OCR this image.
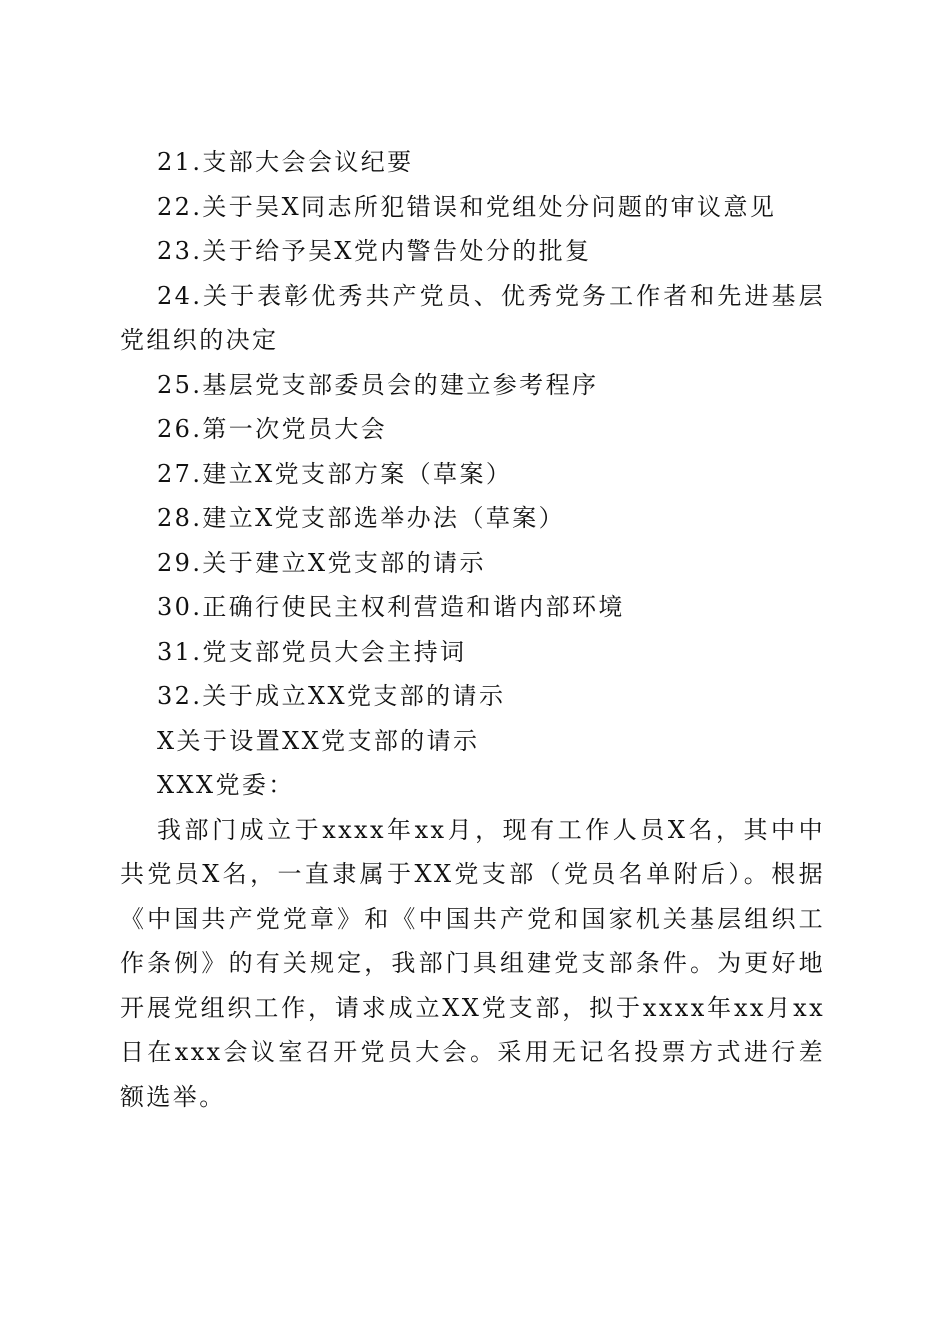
21.支部大会会议纪要

22.关于吴X同志所犯错误和党组处分问题的审议意见

23.关于给予吴X党内警告处分的批复

24.关于表彰优秀共产党员、优秀党务工作者和先进基层党组织的决定

25.基层党支部委员会的建立参考程序

26.第一次党员大会

27.建立X党支部方案（草案）

28.建立X党支部选举办法（草案）

29.关于建立X党支部的请示

30.正确行使民主权利营造和谐内部环境

31.党支部党员大会主持词

32.关于成立XX党支部的请示

X关于设置XX党支部的请示

XXX党委：

我部门成立于xxxx年xx月，现有工作人员X名，其中中共党员X名，一直隶属于XX党支部（党员名单附后）。根据《中国共产党党章》和《中国共产党和国家机关基层组织工作条例》的有关规定，我部门具组建党支部条件。为更好地开展党组织工作，请求成立XX党支部，拟于xxxx年xx月xx日在xxx会议室召开党员大会。采用无记名投票方式进行差额选举。
